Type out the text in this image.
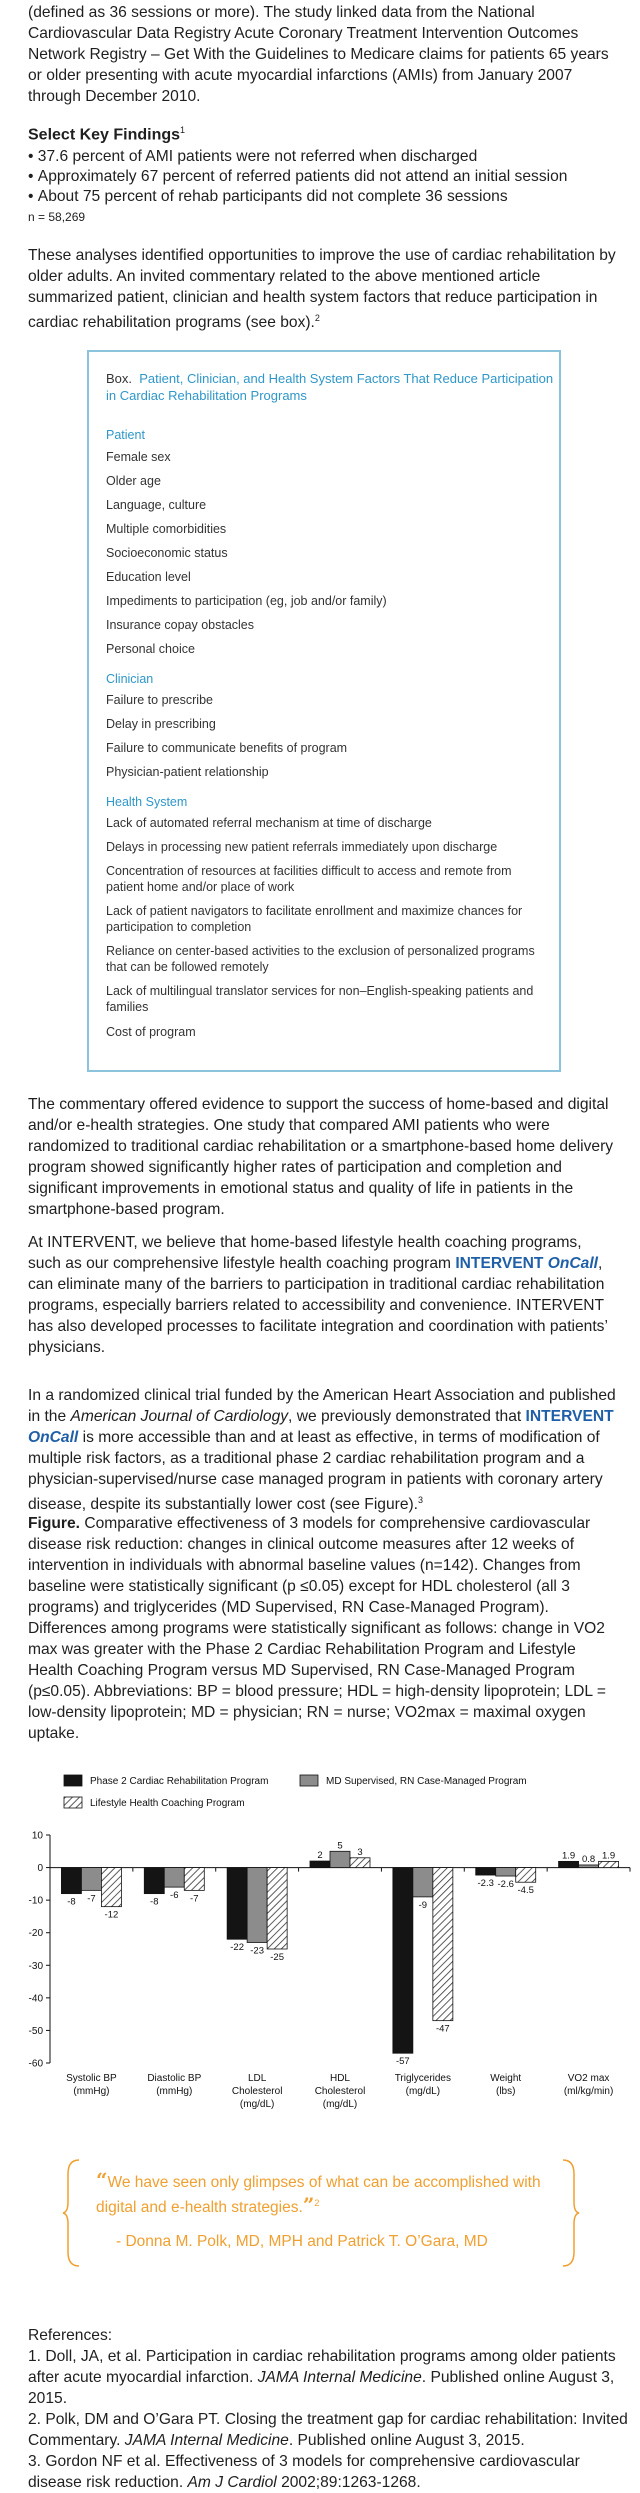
(defined as 36 sessions or more). The study linked data from the National Cardiovascular Data Registry Acute Coronary Treatment Intervention Outcomes Network Registry – Get With the Guidelines to Medicare claims for patients 65 years or older presenting with acute myocardial infarctions (AMIs) from January 2007 through December 2010.

Select Key Findings$^1$
• 37.6 percent of AMI patients were not referred when discharged
• Approximately 67 percent of referred patients did not attend an initial session
• About 75 percent of rehab participants did not complete 36 sessions
n = 58,269

These analyses identified opportunities to improve the use of cardiac rehabilitation by older adults. An invited commentary related to the above mentioned article summarized patient, clinician and health system factors that reduce participation in cardiac rehabilitation programs (see box).$^2$

Box. Patient, Clinician, and Health System Factors That Reduce Participation in Cardiac Rehabilitation Programs
Patient
Female sex
Older age
Language, culture
Multiple comorbidities
Socioeconomic status
Education level
Impediments to participation (eg, job and/or family)
Insurance copay obstacles
Personal choice
Clinician
Failure to prescribe
Delay in prescribing
Failure to communicate benefits of program
Physician-patient relationship
Health System
Lack of automated referral mechanism at time of discharge
Delays in processing new patient referrals immediately upon discharge
Concentration of resources at facilities difficult to access and remote from patient home and/or place of work
Lack of patient navigators to facilitate enrollment and maximize chances for participation to completion
Reliance on center-based activities to the exclusion of personalized programs that can be followed remotely
Lack of multilingual translator services for non–English-speaking patients and families
Cost of program

The commentary offered evidence to support the success of home-based and digital and/or e-health strategies. One study that compared AMI patients who were randomized to traditional cardiac rehabilitation or a smartphone-based home delivery program showed significantly higher rates of participation and completion and significant improvements in emotional status and quality of life in patients in the smartphone-based program.

At INTERVENT, we believe that home-based lifestyle health coaching programs, such as our comprehensive lifestyle health coaching program INTERVENT OnCall, can eliminate many of the barriers to participation in traditional cardiac rehabilitation programs, especially barriers related to accessibility and convenience. INTERVENT has also developed processes to facilitate integration and coordination with patients’ physicians.

In a randomized clinical trial funded by the American Heart Association and published in the American Journal of Cardiology, we previously demonstrated that INTERVENT OnCall is more accessible than and at least as effective, in terms of modification of multiple risk factors, as a traditional phase 2 cardiac rehabilitation program and a physician-supervised/nurse case managed program in patients with coronary artery disease, despite its substantially lower cost (see Figure).$^3$

Figure. Comparative effectiveness of 3 models for comprehensive cardiovascular disease risk reduction: changes in clinical outcome measures after 12 weeks of intervention in individuals with abnormal baseline values (n=142). Changes from baseline were statistically significant (p ≤0.05) except for HDL cholesterol (all 3 programs) and triglycerides (MD Supervised, RN Case-Managed Program). Differences among programs were statistically significant as follows: change in VO2 max was greater with the Phase 2 Cardiac Rehabilitation Program and Lifestyle Health Coaching Program versus MD Supervised, RN Case-Managed Program (p≤0.05). Abbreviations: BP = blood pressure; HDL = high-density lipoprotein; LDL = low-density lipoprotein; MD = physician; RN = nurse; VO2max = maximal oxygen uptake.

Phase 2 Cardiac Rehabilitation Program	MD Supervised, RN Case-Managed Program
Lifestyle Health Coaching Program
10
0
-10
-20
-30
-40
-50
-60
-8 -7
-12
Systolic BP
(mmHg)
-8
-6 -7
Diastolic BP
(mmHg)
-22 -23
-25
LDL
Cholesterol
(mg/dL)
2
5
3
HDL
Cholesterol
(mg/dL)
-57
-9
-47
Triglycerides
(mg/dL)
-2.3 -2.6
-4.5
Weight
(lbs)
1.9 0.8 1.9
VO2 max
(ml/kg/min)
“We have seen only glimpses of what can be accomplished with digital and e-health strategies.”$^2$
- Donna M. Polk, MD, MPH and Patrick T. O’Gara, MD
References:
1. Doll, JA, et al. Participation in cardiac rehabilitation programs among older patients after acute myocardial infarction. JAMA Internal Medicine. Published online August 3, 2015.
2. Polk, DM and O’Gara PT. Closing the treatment gap for cardiac rehabilitation: Invited Commentary. JAMA Internal Medicine. Published online August 3, 2015.
3. Gordon NF et al. Effectiveness of 3 models for comprehensive cardiovascular disease risk reduction. Am J Cardiol 2002;89:1263-1268.
